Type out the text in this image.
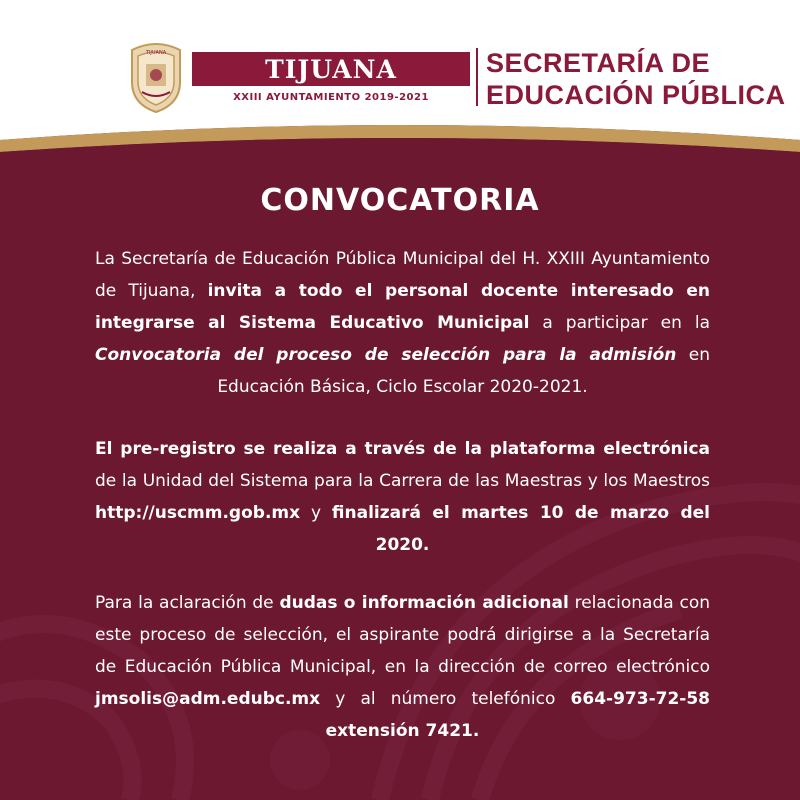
TIJUANA
TIJUANA
XXIII AYUNTAMIENTO 2019-2021
SECRETARÍA DE
EDUCACIÓN PÚBLICA
CONVOCATORIA
La Secretaría de Educación Pública Municipal del H. XXIII Ayuntamiento de Tijuana, invita a todo el personal docente interesado en integrarse al Sistema Educativo Municipal a participar en la Convocatoria del proceso de selección para la admisión en Educación Básica, Ciclo Escolar 2020-2021.
El pre-registro se realiza a través de la plataforma electrónica de la Unidad del Sistema para la Carrera de las Maestras y los Maestros http://uscmm.gob.mx y finalizará el martes 10 de marzo del 2020.
Para la aclaración de dudas o información adicional relacionada con este proceso de selección, el aspirante podrá dirigirse a la Secretaría de Educación Pública Municipal, en la dirección de correo electrónico jmsolis@adm.edubc.mx y al número telefónico 664-973-72-58 extensión 7421.
